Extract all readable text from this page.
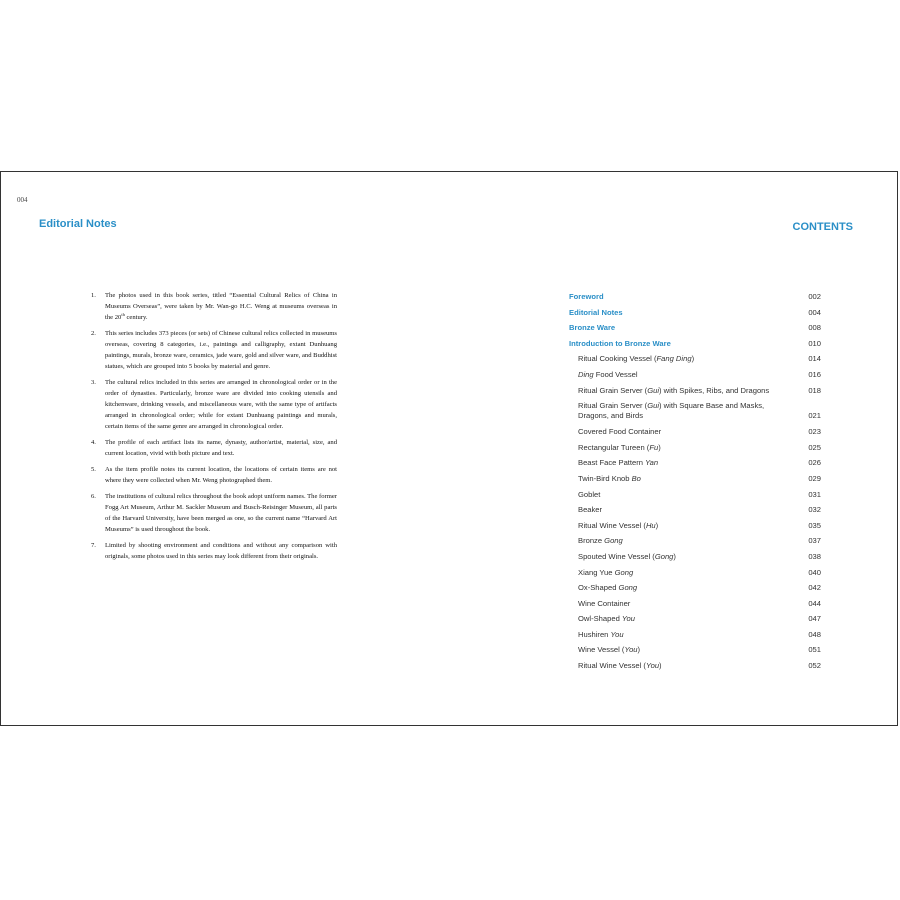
004
Editorial Notes
1. The photos used in this book series, titled “Essential Cultural Relics of China in Museums Overseas”, were taken by Mr. Wan-go H.C. Weng at museums overseas in the 20th century.
2. This series includes 373 pieces (or sets) of Chinese cultural relics collected in museums overseas, covering 8 categories, i.e., paintings and calligraphy, extant Dunhuang paintings, murals, bronze ware, ceramics, jade ware, gold and silver ware, and Buddhist statues, which are grouped into 5 books by material and genre.
3. The cultural relics included in this series are arranged in chronological order or in the order of dynasties. Particularly, bronze ware are divided into cooking utensils and kitchenware, drinking vessels, and miscellaneous ware, with the same type of artifacts arranged in chronological order; while for extant Dunhuang paintings and murals, certain items of the same genre are arranged in chronological order.
4. The profile of each artifact lists its name, dynasty, author/artist, material, size, and current location, vivid with both picture and text.
5. As the item profile notes its current location, the locations of certain items are not where they were collected when Mr. Weng photographed them.
6. The institutions of cultural relics throughout the book adopt uniform names. The former Fogg Art Museum, Arthur M. Sackler Museum and Busch-Reisinger Museum, all parts of the Harvard University, have been merged as one, so the current name “Harvard Art Museums” is used throughout the book.
7. Limited by shooting environment and conditions and without any comparison with originals, some photos used in this series may look different from their originals.
CONTENTS
Foreword	002
Editorial Notes	004
Bronze Ware	008
Introduction to Bronze Ware	010
Ritual Cooking Vessel (Fang Ding)	014
Ding Food Vessel	016
Ritual Grain Server (Gui) with Spikes, Ribs, and Dragons	018
Ritual Grain Server (Gui) with Square Base and Masks, Dragons, and Birds	021
Covered Food Container	023
Rectangular Tureen (Fu)	025
Beast Face Pattern Yan	026
Twin-Bird Knob Bo	029
Goblet	031
Beaker	032
Ritual Wine Vessel (Hu)	035
Bronze Gong	037
Spouted Wine Vessel (Gong)	038
Xiang Yue Gong	040
Ox-Shaped Gong	042
Wine Container	044
Owl-Shaped You	047
Hushiren You	048
Wine Vessel (You)	051
Ritual Wine Vessel (You)	052
